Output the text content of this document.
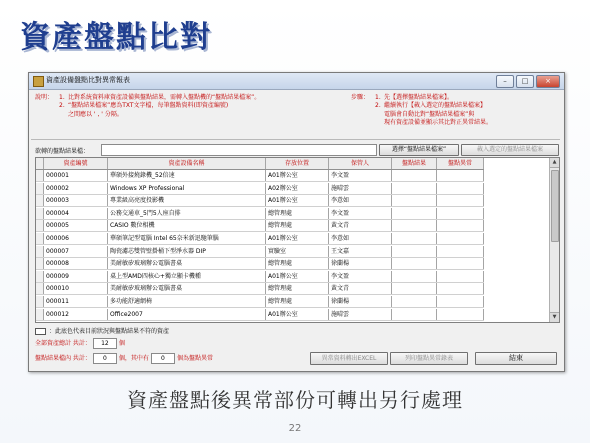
資產盤點比對
資產設備盤點比對異常報表	–	□	×
說明： 1. 比對系統資料庫資產設備與盤點結果，需轉入盤點機的“盤點結果檔案”。
2. “盤點結果檔案”應為TXT文字檔，每筆盤點資料(即資產編號)
之間應以 ' , ' 分隔。
步驟： 1. 先【選擇盤點結果檔案】。
2. 繼續執行【載入選定的盤點結果檔案】
電腦會自動比對“盤點結果檔案”與
現有資產設備並顯示其比對正異常結果。
欲轉的盤點結果檔：	選擇“盤點結果檔案”	載入選定的盤點結果檔案
資產編號	資產設備名稱	存放位置	保管人	盤點結果	盤點異常
000001	華碩外接燒錄機_52倍速	A01辦公室	李文盈
000002	Windows XP Professional	A02辦公室	施晴雲
000003	專業級高亮度投影機	A01辦公室	李意如
000004	公務交通車_5門5人座自排	總管理處	李文盈
000005	CASIO 數位相機	總管理處	黃文青
000006	華碩筆記型電腦 Intel 65奈米新迅馳筆腦	A01辦公室	李意如
000007	陶瓷濾芯雙管壁掛桶下型淨水器 DIP	實驗室	王文嘉
000008	美耐敏矽玻璃辦公電腦書桌	總管理處	徐蘭楊
000009	桌上型AMD四核心+獨立顯卡機種	A01辦公室	李文盈
000010	美耐敏矽玻璃辦公電腦書桌	總管理處	黃文青
000011	多功能舒適網椅	總管理處	徐蘭楊
000012	Office2007	A01辦公室	施晴雲
▲
▼
：此底色代表目前狀況與盤點結果不符的資產
全部資產總計 共計： 12 個
盤點結果檔內 共計： 0 個，其中有 0 個為盤點異常	異常資料轉出EXCEL	列印盤點異常錄表	結束
資產盤點後異常部份可轉出另行處理
22
